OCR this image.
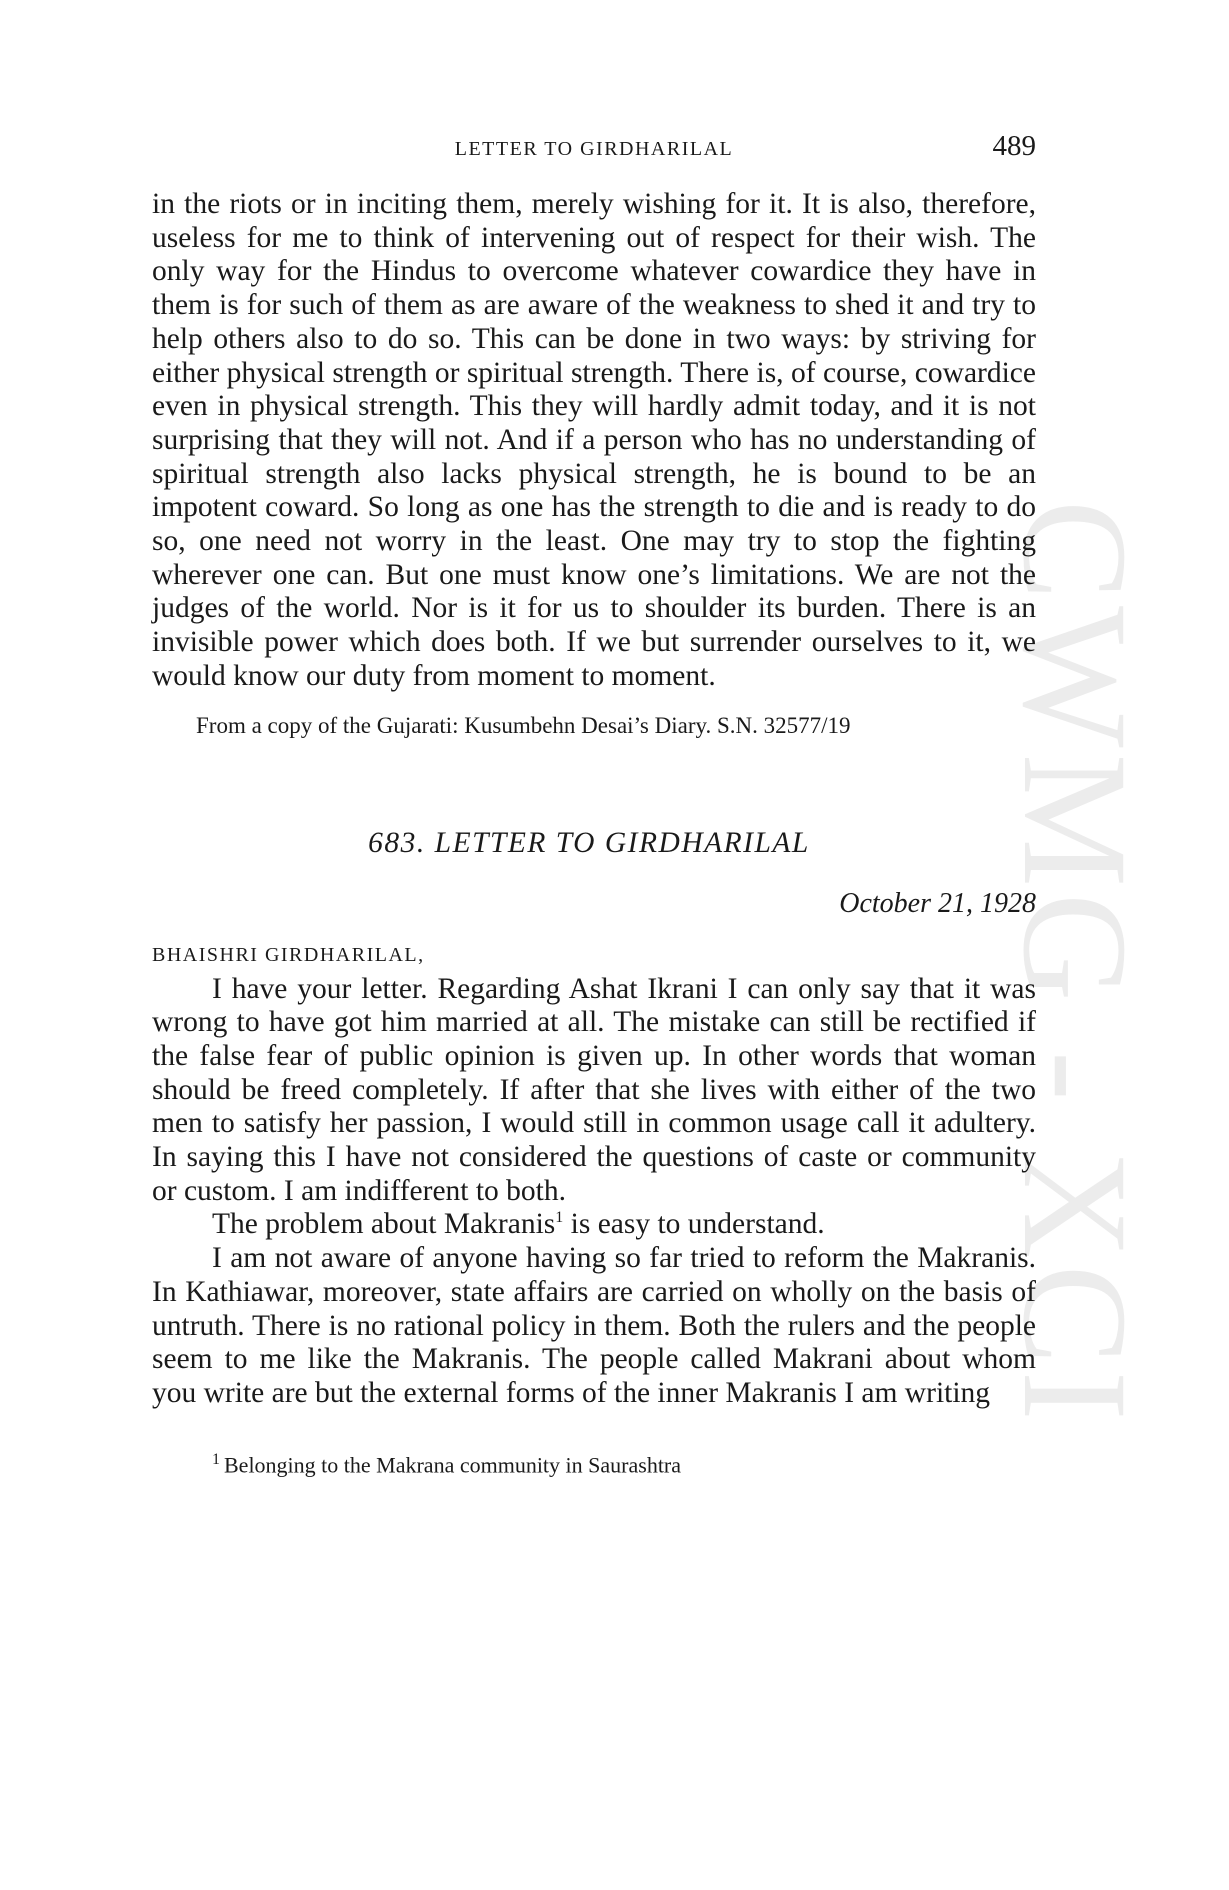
CWMG - XCI
LETTER TO GIRDHARILAL	489

in the riots or in inciting them, merely wishing for it. It is also, therefore, useless for me to think of intervening out of respect for their wish. The only way for the Hindus to overcome whatever cowardice they have in them is for such of them as are aware of the weakness to shed it and try to help others also to do so. This can be done in two ways: by striving for either physical strength or spiritual strength. There is, of course, cowardice even in physical strength. This they will hardly admit today, and it is not surprising that they will not. And if a person who has no understanding of spiritual strength also lacks physical strength, he is bound to be an impotent coward. So long as one has the strength to die and is ready to do so, one need not worry in the least. One may try to stop the fighting wherever one can. But one must know one’s limitations. We are not the judges of the world. Nor is it for us to shoulder its burden. There is an invisible power which does both. If we but surrender ourselves to it, we would know our duty from moment to moment.

From a copy of the Gujarati: Kusumbehn Desai’s Diary. S.N. 32577/19
683. LETTER TO GIRDHARILAL
October 21, 1928
BHAISHRI GIRDHARILAL,

I have your letter. Regarding Ashat Ikrani I can only say that it was wrong to have got him married at all. The mistake can still be rectified if the false fear of public opinion is given up. In other words that woman should be freed completely. If after that she lives with either of the two men to satisfy her passion, I would still in common usage call it adultery. In saying this I have not considered the questions of caste or community or custom. I am indifferent to both.

The problem about Makranis$^1$ is easy to understand.

I am not aware of anyone having so far tried to reform the Makranis. In Kathiawar, moreover, state affairs are carried on wholly on the basis of untruth. There is no rational policy in them. Both the rulers and the people seem to me like the Makranis. The people called Makrani about whom you write are but the external forms of the inner Makranis I am writing

$^1$ Belonging to the Makrana community in Saurashtra
